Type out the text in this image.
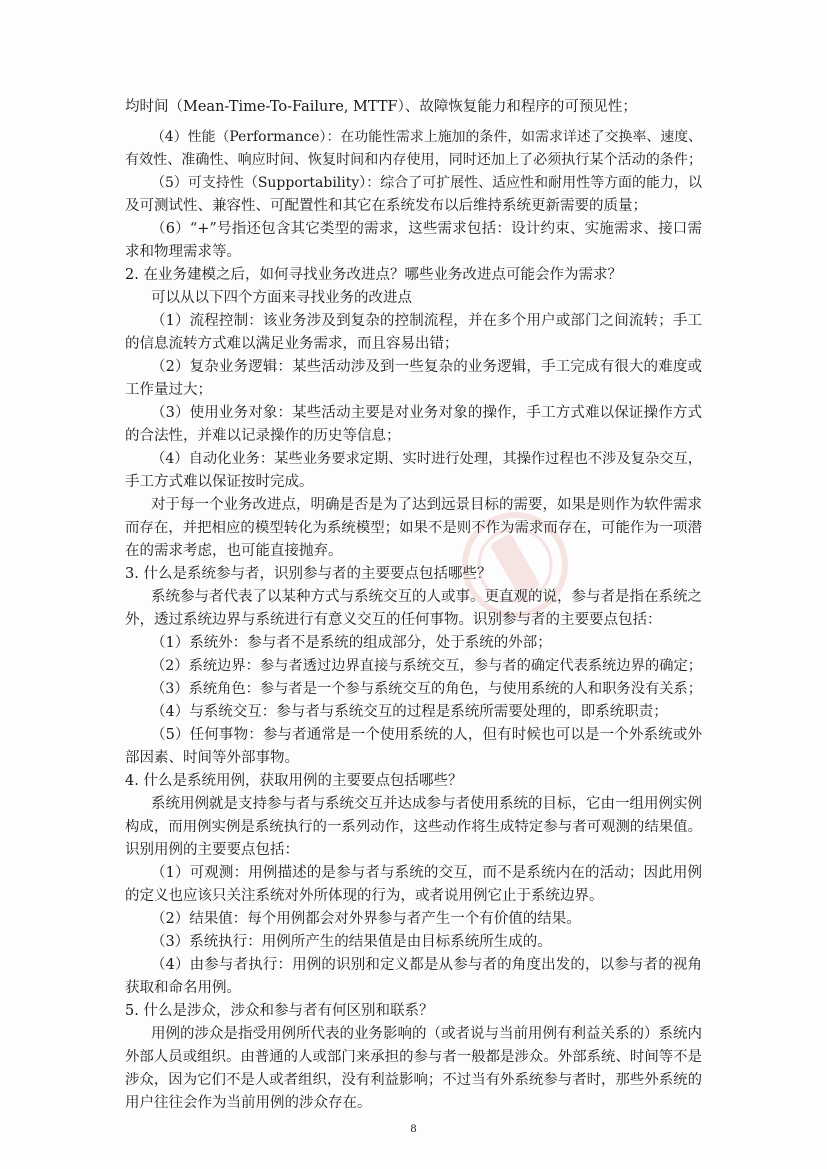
均时间（Mean-Time-To-Failure, MTTF）、故障恢复能力和程序的可预见性；
（4）性能（Performance）：在功能性需求上施加的条件，如需求详述了交换率、速度、
有效性、准确性、响应时间、恢复时间和内存使用，同时还加上了必须执行某个活动的条件；
（5）可支持性（Supportability）：综合了可扩展性、适应性和耐用性等方面的能力，以
及可测试性、兼容性、可配置性和其它在系统发布以后维持系统更新需要的质量；
（6）“+”号指还包含其它类型的需求，这些需求包括：设计约束、实施需求、接口需
求和物理需求等。
2. 在业务建模之后，如何寻找业务改进点？哪些业务改进点可能会作为需求？
可以从以下四个方面来寻找业务的改进点
（1）流程控制：该业务涉及到复杂的控制流程，并在多个用户或部门之间流转；手工
的信息流转方式难以满足业务需求，而且容易出错；
（2）复杂业务逻辑：某些活动涉及到一些复杂的业务逻辑，手工完成有很大的难度或
工作量过大；
（3）使用业务对象：某些活动主要是对业务对象的操作，手工方式难以保证操作方式
的合法性，并难以记录操作的历史等信息；
（4）自动化业务：某些业务要求定期、实时进行处理，其操作过程也不涉及复杂交互，
手工方式难以保证按时完成。
对于每一个业务改进点，明确是否是为了达到远景目标的需要，如果是则作为软件需求
而存在，并把相应的模型转化为系统模型；如果不是则不作为需求而存在，可能作为一项潜
在的需求考虑，也可能直接抛弃。
3. 什么是系统参与者，识别参与者的主要要点包括哪些？
系统参与者代表了以某种方式与系统交互的人或事。更直观的说，参与者是指在系统之
外，透过系统边界与系统进行有意义交互的任何事物。识别参与者的主要要点包括：
（1）系统外：参与者不是系统的组成部分，处于系统的外部；
（2）系统边界：参与者透过边界直接与系统交互，参与者的确定代表系统边界的确定；
（3）系统角色：参与者是一个参与系统交互的角色，与使用系统的人和职务没有关系；
（4）与系统交互：参与者与系统交互的过程是系统所需要处理的，即系统职责；
（5）任何事物：参与者通常是一个使用系统的人，但有时候也可以是一个外系统或外
部因素、时间等外部事物。
4. 什么是系统用例，获取用例的主要要点包括哪些？
系统用例就是支持参与者与系统交互并达成参与者使用系统的目标，它由一组用例实例
构成，而用例实例是系统执行的一系列动作，这些动作将生成特定参与者可观测的结果值。
识别用例的主要要点包括：
（1）可观测：用例描述的是参与者与系统的交互，而不是系统内在的活动；因此用例
的定义也应该只关注系统对外所体现的行为，或者说用例它止于系统边界。
（2）结果值：每个用例都会对外界参与者产生一个有价值的结果。
（3）系统执行：用例所产生的结果值是由目标系统所生成的。
（4）由参与者执行：用例的识别和定义都是从参与者的角度出发的，以参与者的视角
获取和命名用例。
5. 什么是涉众，涉众和参与者有何区别和联系？
用例的涉众是指受用例所代表的业务影响的（或者说与当前用例有利益关系的）系统内
外部人员或组织。由普通的人或部门来承担的参与者一般都是涉众。外部系统、时间等不是
涉众，因为它们不是人或者组织，没有利益影响；不过当有外系统参与者时，那些外系统的
用户往往会作为当前用例的涉众存在。
8
